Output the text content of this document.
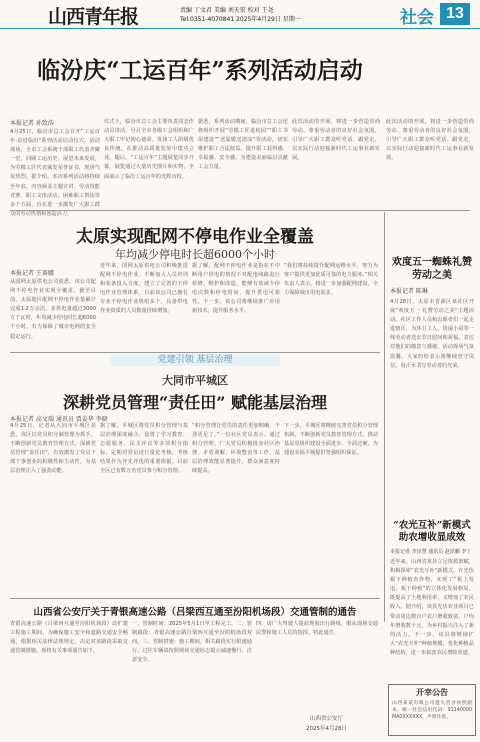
山西青年报	责编 丁文君 美编 刘天宏 校对 王尧
Tel:0351-4070841 2025年4月29日 星期一	社会 13
临汾庆“工运百年”系列活动启动
本报记者 孙致浩
4月25日，临汾市总工会召开“工运百年·奋进临汾”系列活动启动仪式。活动现场，全市工会系统干部职工代表齐聚一堂，回顾工运历史，展望未来发展，为劳模工匠代表颁发荣誉证书，现场气氛热烈。据介绍，本次系列活动将持续至年底，内容涵盖主题宣讲、劳动技能竞赛、职工文体活动、困难职工帮扶等多个方面，旨在进一步激发广大职工群众的劳动热情和创造活力。
仪式上，临汾市总工会主要负责同志作动员讲话，号召全市各级工会组织和广大职工牢记初心使命，发扬工人阶级优良传统，在推动高质量发展中建功立业。随后，“工运百年”主题展览同步开幕，展览通过大量历史图片和实物，全面展示了临汾工运百年的光辉历程。
据悉，系列活动期间，临汾市总工会还将组织开展“劳模工匠进校园”“职工书屋建设”“送温暖送清凉”等活动，切实维护职工合法权益，提升职工获得感、幸福感、安全感，为建设美丽临汾贡献工会力量。
此次活动的开展，将进一步营造崇尚劳动、尊重劳动者的良好社会氛围，引导广大职工群众听党话、跟党走，以实际行动迎接新时代工运事业新发展。
此次活动的开展，将进一步营造崇尚劳动、尊重劳动者的良好社会氛围，引导广大职工群众听党话、跟党走，以实际行动迎接新时代工运事业新发展。
太原实现配网不停电作业全覆盖
年均减少停电时长超6000个小时
本报记者 王赛娜
从国网太原供电公司获悉，该公司配网不停电作业实现全覆盖。截至目前，太原地区配网不停电作业量累计完成1.2万余次，多供电量超过3000万千瓦时，年均减少停电时长超6000个小时，有力保障了城市电网的安全稳定运行。
近年来，国网太原供电公司积极推进配网不停电作业，不断加大人员培训和装备投入力度，建立了完善的不停电作业管理体系。目前该公司已拥有专业不停电作业班组多个，具备带电作业资质的人员数量持续增加。
据了解，配网不停电作业是指在不中断用户供电的情况下对配电线路进行检修、维护和改造，能够有效减少停电次数和停电时间，提升供电可靠性。下一步，该公司将继续推广应用新技术，提升服务水平。
“我们将持续提升配网运维水平，努力为客户提供更加优质可靠的电力服务。”相关负责人表示，将进一步加强配网建设，全力保障城市用电需求。
欢度五一蜘蛛礼赞劳动之美
本报记者 陈琳
4月28日，太原市晋源区某社区开展“欢度五一 礼赞劳动之美”主题活动。社区工作人员和志愿者们一起走进辖区，为环卫工人、快递小哥等一线劳动者送去节日慰问和祝福，表达对他们的敬意与感谢。活动现场气氛温馨，大家纷纷表示将继续坚守岗位，用汗水书写劳动者的光荣。
党建引领 基层治理
大同市平城区
深耕党员管理“责任田” 赋能基层治理
本报记者 高文瑞 通讯员 贾姜华 李晓
4月25日，记者从大同市平城区获悉，该区以党员积分制管理为抓手，不断创新党员教育管理方式，深耕党员管理“责任田”，有效激发了党员干部干事创业的积极性和主动性，为基层治理注入了强劲动能。
据了解，平城区将党员积分管理与基层治理深度融合，设置了学习教育、志愿服务、民主评议等多项积分指标，定期对党员进行量化考核，考核结果作为评先评优的重要依据。目前全区已有数万名党员参与积分管理。
“积分管理让党员的责任更加明确，干劲更足了。”一位社区党员表示。通过积分管理，广大党员积极投身社区治理、矛盾调解、环境整治等工作，基层治理效能显著提升，群众满意度持续提高。
下一步，平城区将继续完善党员积分管理机制，不断创新党员教育管理方式，推动基层党组织建设全面进步、全面过硬，为建设幸福平城提供坚强组织保证。
“农光互补”新模式助农增收显成效
本报记者 李泽慧 通讯员 赵泽鹏 李丁
近年来，山西省某县立足资源禀赋，积极探索“农光互补”新模式，在光伏板下种植农作物，实现了“板上发电、板下种植”的立体化发展格局，既提高了土地利用率，又增加了农民收入。据介绍，该县光伏农业项目已带动周边数百户农户增收致富，户均年增收数千元，为乡村振兴注入了新的活力。下一步，该县将继续扩大“农光互补”种植规模，优化种植品种结构，进一步拓宽农民增收渠道。
山西省公安厅关于青银高速公路（吕梁西互通至汾阳机场段）交通管制的通告
青银高速公路（吕梁西互通至汾阳机场段）改扩建工程施工期间，为确保施工安全和道路交通安全畅通，根据相关法律法规规定，决定对该路段采取交通管制措施。现将有关事项通告如下。
一、管制时间：2025年5月1日至工程完工。二、管制路段：青银高速公路吕梁西互通至汾阳机场段双向。三、管制措施：施工期间，相关路段实行限速通行，过往车辆请按照现场交通标志提示减速慢行、注意安全。
四、请广大驾驶人提前规划出行路线，服从现场交通民警和施工人员的指挥。特此通告。
山西省公安厅
2025年4月28日
开幸公告
山西某某有限公司遗失营业执照副本，统一社会信用代码：91140000MA0XXXXXX，声明作废。
